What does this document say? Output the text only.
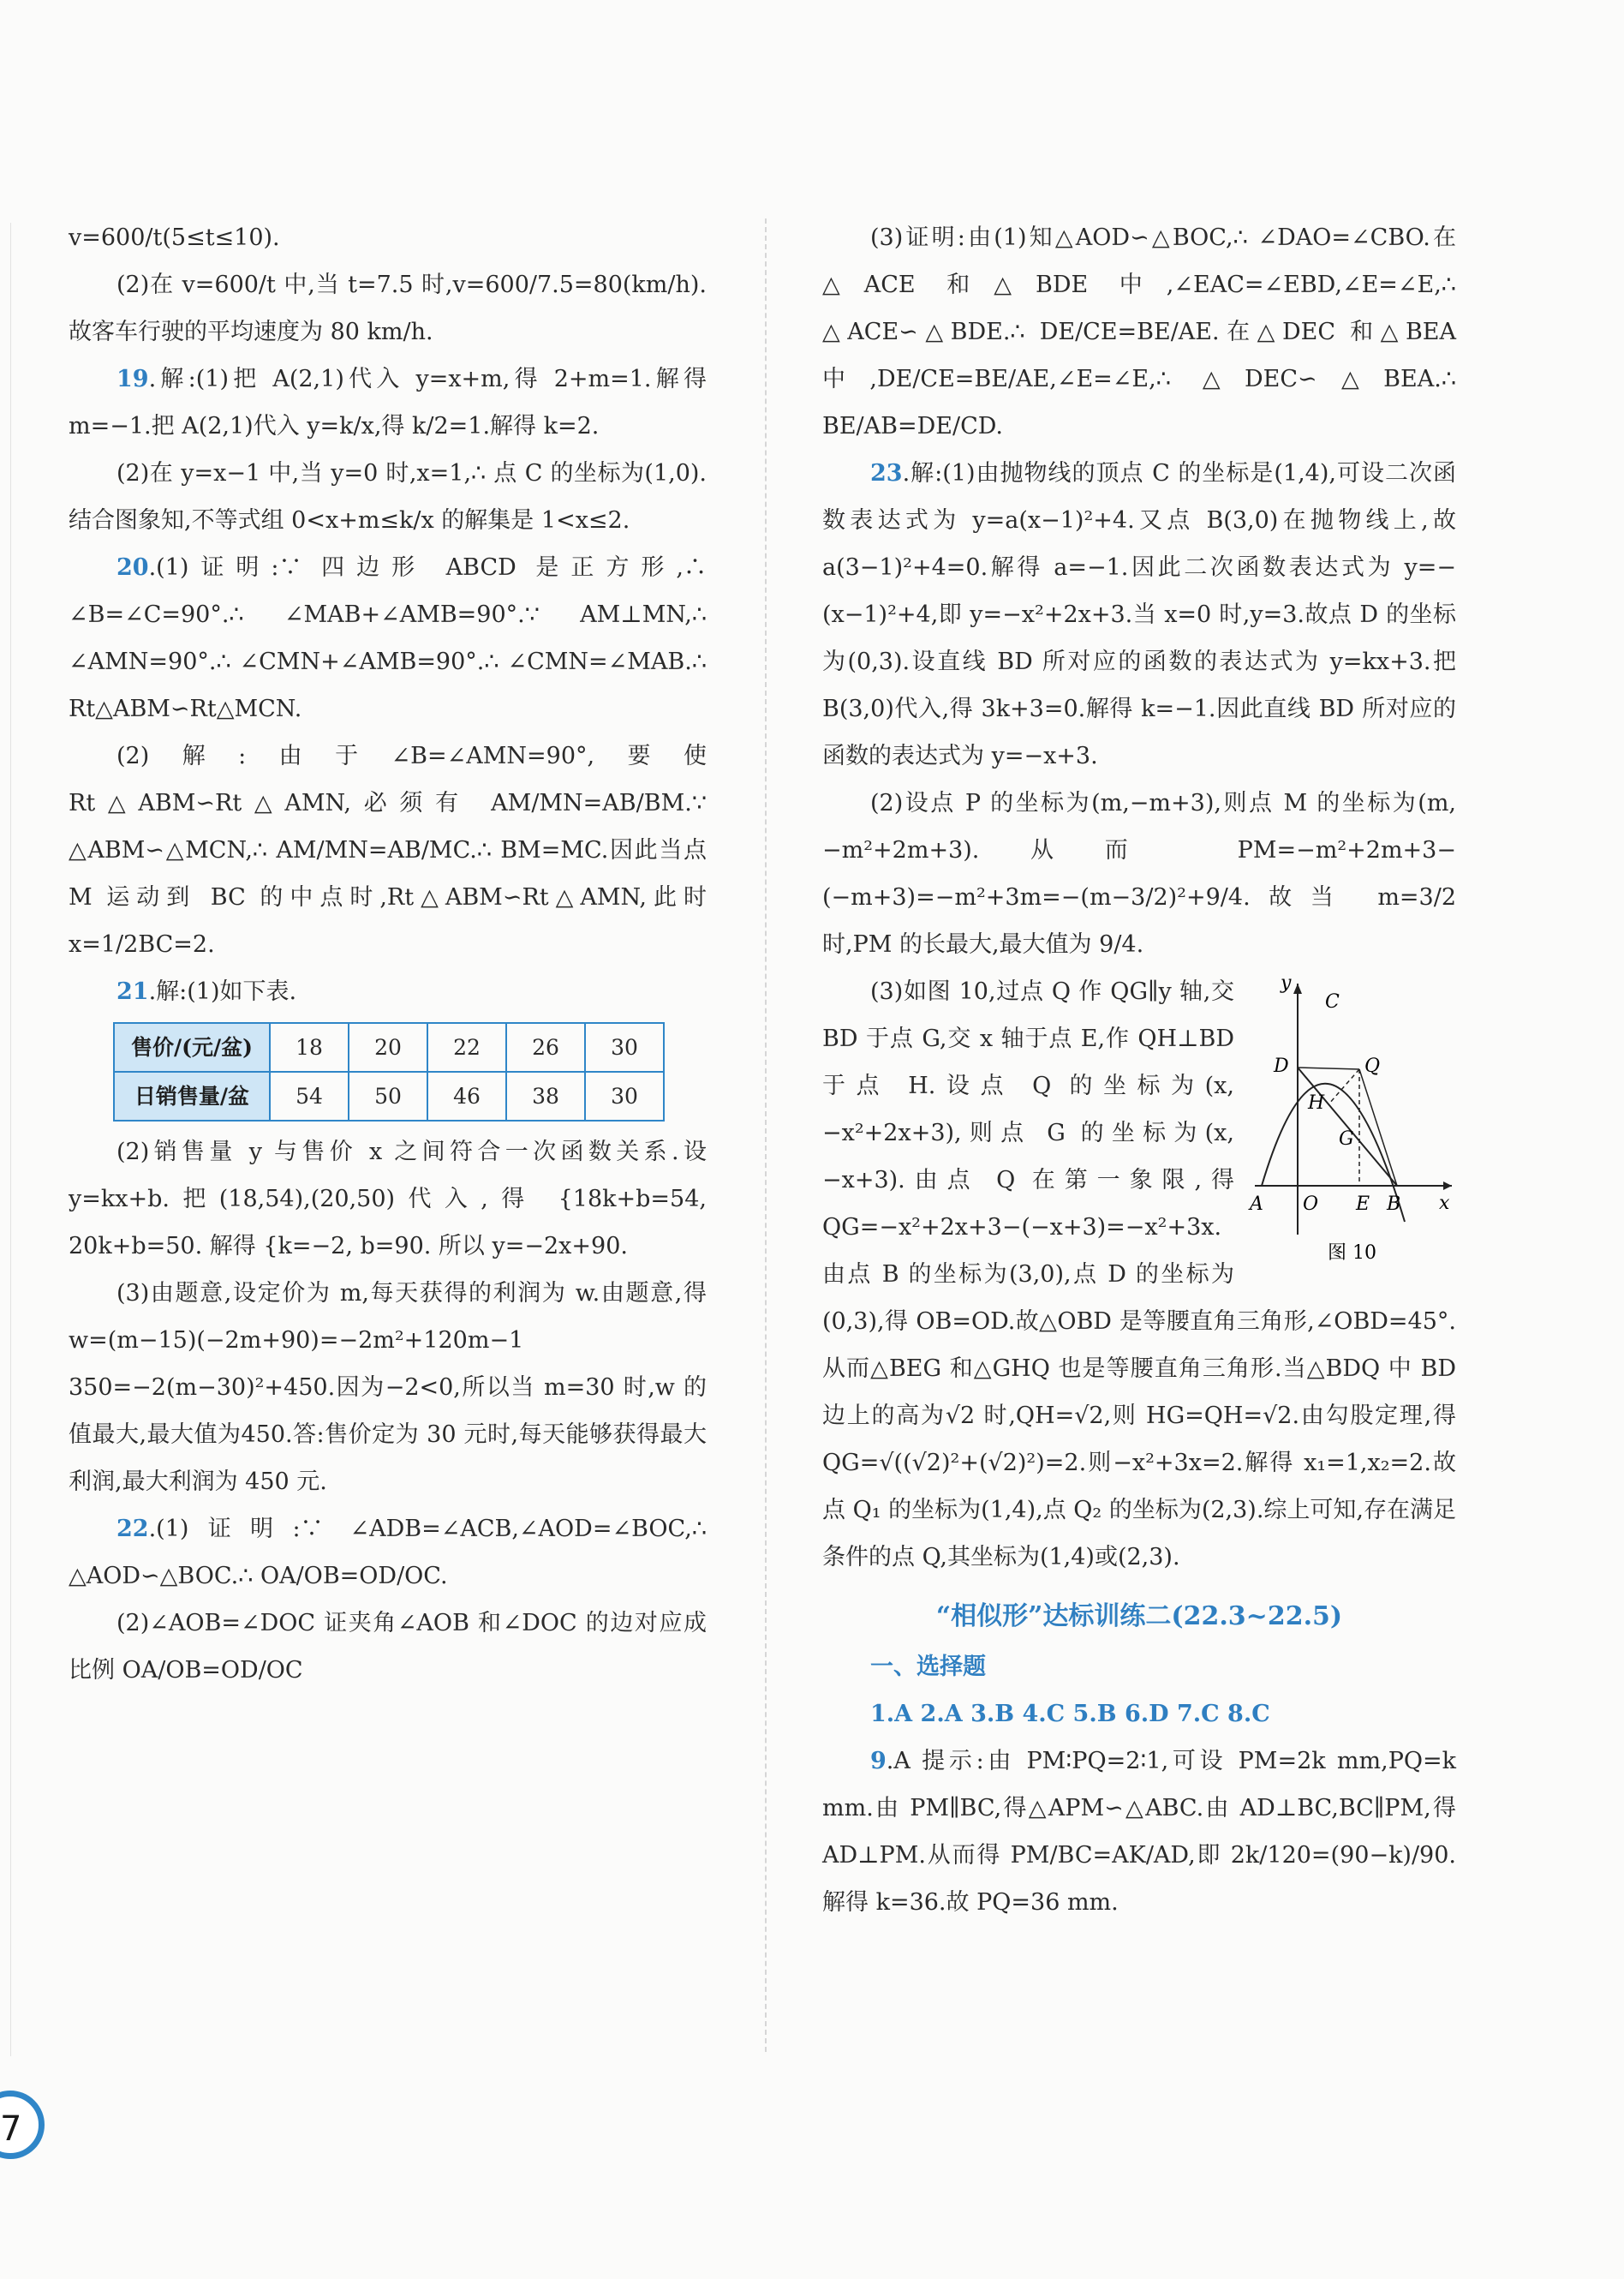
v=600/t(5≤t≤10).

(2)在 v=600/t 中,当 t=7.5 时,v=600/7.5=80(km/h).故客车行驶的平均速度为 80 km/h.

19.解:(1)把 A(2,1)代入 y=x+m,得 2+m=1.解得 m=−1.把 A(2,1)代入 y=k/x,得 k/2=1.解得 k=2.

(2)在 y=x−1 中,当 y=0 时,x=1,∴ 点 C 的坐标为(1,0).结合图象知,不等式组 0<x+m≤k/x 的解集是 1<x≤2.

20.(1)证明:∵ 四边形 ABCD 是正方形,∴ ∠B=∠C=90°.∴ ∠MAB+∠AMB=90°.∵ AM⊥MN,∴ ∠AMN=90°.∴ ∠CMN+∠AMB=90°.∴ ∠CMN=∠MAB.∴ Rt△ABM∽Rt△MCN.

(2)解:由于∠B=∠AMN=90°,要使 Rt△ABM∽Rt△AMN,必须有 AM/MN=AB/BM.∵ △ABM∽△MCN,∴ AM/MN=AB/MC.∴ BM=MC.因此当点 M 运动到 BC 的中点时,Rt△ABM∽Rt△AMN,此时 x=1/2BC=2.

21.解:(1)如下表.

售价/(元/盆)	18	20	22	26	30
日销售量/盆	54	50	46	38	30

(2)销售量 y 与售价 x 之间符合一次函数关系.设 y=kx+b.把(18,54),(20,50)代入,得 {18k+b=54, 20k+b=50. 解得 {k=−2, b=90. 所以 y=−2x+90.

(3)由题意,设定价为 m,每天获得的利润为 w.由题意,得 w=(m−15)(−2m+90)=−2m²+120m−1 350=−2(m−30)²+450.因为−2<0,所以当 m=30 时,w 的值最大,最大值为450.答:售价定为 30 元时,每天能够获得最大利润,最大利润为 450 元.

22.(1)证明:∵ ∠ADB=∠ACB,∠AOD=∠BOC,∴ △AOD∽△BOC.∴ OA/OB=OD/OC.

(2)∠AOB=∠DOC 证夹角∠AOB 和∠DOC 的边对应成比例 OA/OB=OD/OC

(3)证明:由(1)知△AOD∽△BOC,∴ ∠DAO=∠CBO.在△ACE 和△BDE 中,∠EAC=∠EBD,∠E=∠E,∴ △ACE∽△BDE.∴ DE/CE=BE/AE.在△DEC 和△BEA 中,DE/CE=BE/AE,∠E=∠E,∴ △DEC∽△BEA.∴ BE/AB=DE/CD.

23.解:(1)由抛物线的顶点 C 的坐标是(1,4),可设二次函数表达式为 y=a(x−1)²+4.又点 B(3,0)在抛物线上,故 a(3−1)²+4=0.解得 a=−1.因此二次函数表达式为 y=−(x−1)²+4,即 y=−x²+2x+3.当 x=0 时,y=3.故点 D 的坐标为(0,3).设直线 BD 所对应的函数的表达式为 y=kx+3.把 B(3,0)代入,得 3k+3=0.解得 k=−1.因此直线 BD 所对应的函数的表达式为 y=−x+3.

(2)设点 P 的坐标为(m,−m+3),则点 M 的坐标为(m,−m²+2m+3).从而 PM=−m²+2m+3−(−m+3)=−m²+3m=−(m−3/2)²+9/4.故当 m=3/2 时,PM 的长最大,最大值为 9/4.

y
x
C
D	Q
H
G
A O E B
图 10

(3)如图 10,过点 Q 作 QG∥y 轴,交 BD 于点 G,交 x 轴于点 E,作 QH⊥BD 于点 H.设点 Q 的坐标为(x,−x²+2x+3),则点 G 的坐标为(x,−x+3).由点 Q 在第一象限,得 QG=−x²+2x+3−(−x+3)=−x²+3x.由点 B 的坐标为(3,0),点 D 的坐标为(0,3),得 OB=OD.故△OBD 是等腰直角三角形,∠OBD=45°.从而△BEG 和△GHQ 也是等腰直角三角形.当△BDQ 中 BD 边上的高为√2 时,QH=√2,则 HG=QH=√2.由勾股定理,得 QG=√((√2)²+(√2)²)=2.则−x²+3x=2.解得 x₁=1,x₂=2.故点 Q₁ 的坐标为(1,4),点 Q₂ 的坐标为(2,3).综上可知,存在满足条件的点 Q,其坐标为(1,4)或(2,3).

“相似形”达标训练二(22.3~22.5)

一、选择题

1.A 2.A 3.B 4.C 5.B 6.D 7.C 8.C

9.A 提示:由 PM∶PQ=2∶1,可设 PM=2k mm,PQ=k mm.由 PM∥BC,得△APM∽△ABC.由 AD⊥BC,BC∥PM,得 AD⊥PM.从而得 PM/BC=AK/AD,即 2k/120=(90−k)/90.解得 k=36.故 PQ=36 mm.

7
